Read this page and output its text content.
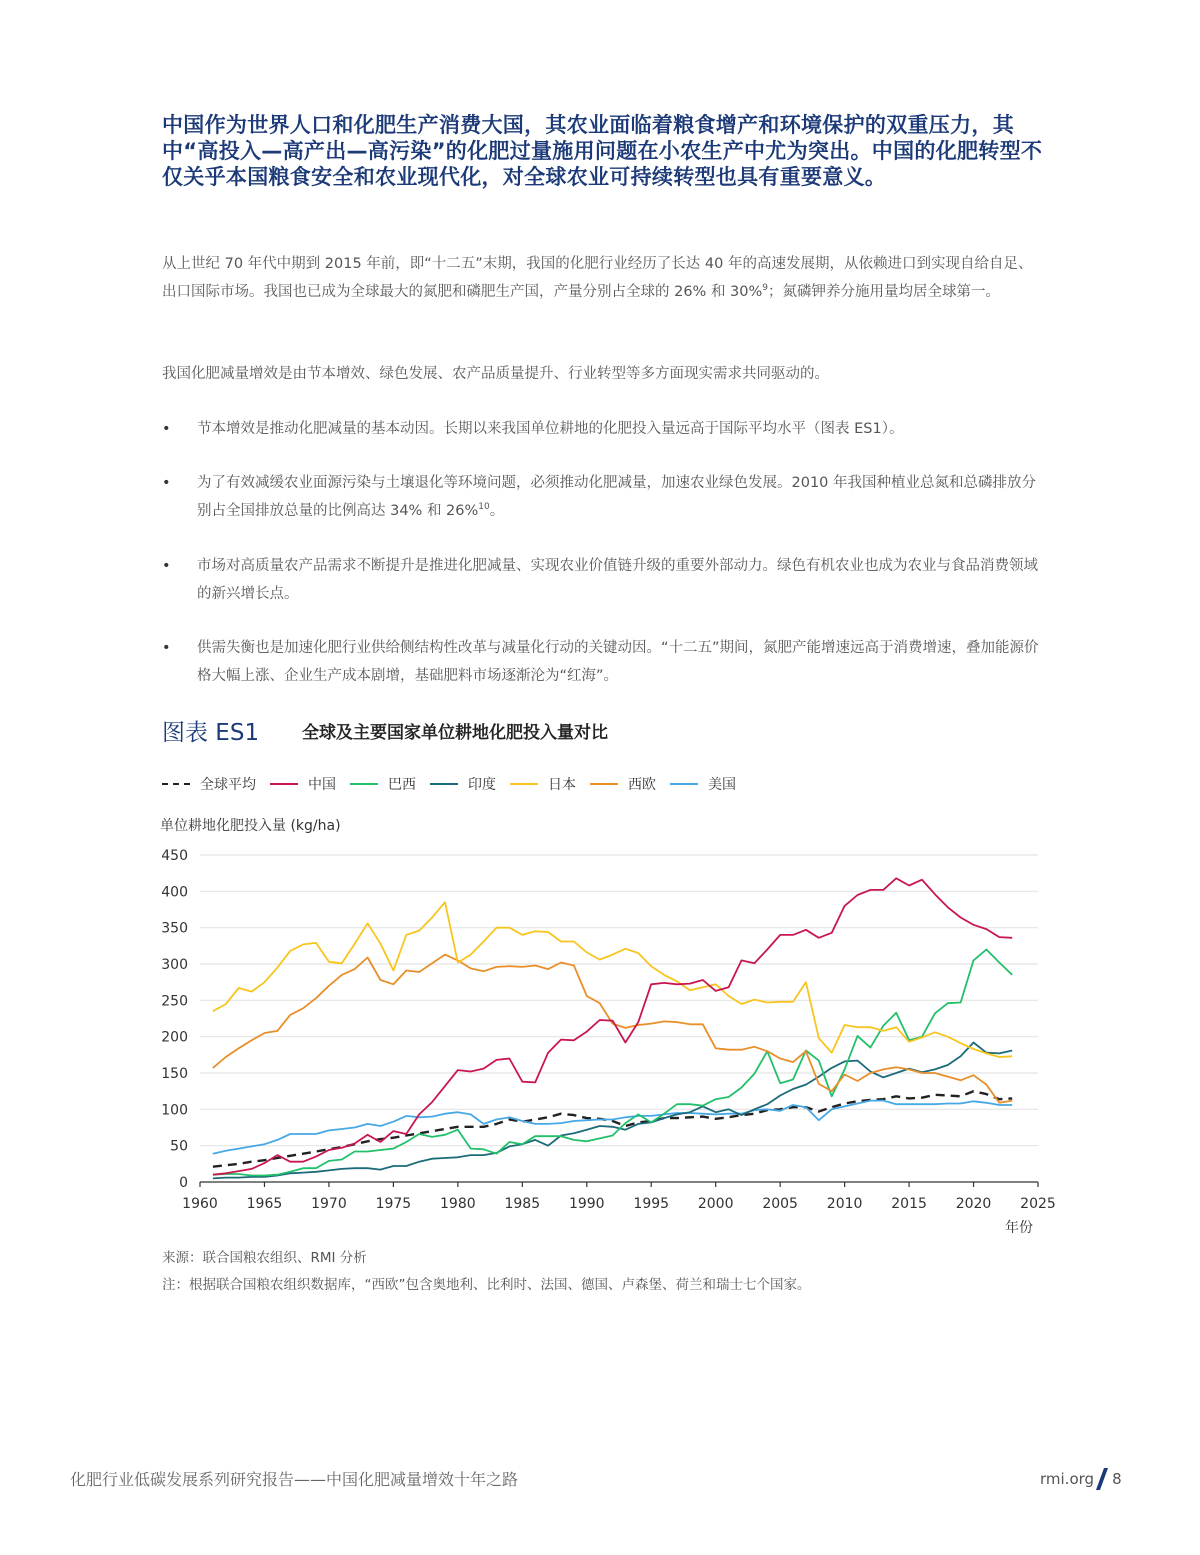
中国作为世界人口和化肥生产消费大国，其农业面临着粮食增产和环境保护的双重压力，其中“高投入—高产出—高污染”的化肥过量施用问题在小农生产中尤为突出。中国的化肥转型不仅关乎本国粮食安全和农业现代化，对全球农业可持续转型也具有重要意义。
从上世纪 70 年代中期到 2015 年前，即“十二五”末期，我国的化肥行业经历了长达 40 年的高速发展期，从依赖进口到实现自给自足、出口国际市场。我国也已成为全球最大的氮肥和磷肥生产国，产量分别占全球的 26% 和 30%$^9$；氮磷钾养分施用量均居全球第一。
我国化肥减量增效是由节本增效、绿色发展、农产品质量提升、行业转型等多方面现实需求共同驱动的。
• 节本增效是推动化肥减量的基本动因。长期以来我国单位耕地的化肥投入量远高于国际平均水平（图表 ES1）。
• 为了有效减缓农业面源污染与土壤退化等环境问题，必须推动化肥减量，加速农业绿色发展。2010 年我国种植业总氮和总磷排放分别占全国排放总量的比例高达 34% 和 26%$^{10}$。
• 市场对高质量农产品需求不断提升是推进化肥减量、实现农业价值链升级的重要外部动力。绿色有机农业也成为农业与食品消费领域的新兴增长点。
• 供需失衡也是加速化肥行业供给侧结构性改革与减量化行动的关键动因。“十二五”期间，氮肥产能增速远高于消费增速，叠加能源价格大幅上涨、企业生产成本剧增，基础肥料市场逐渐沦为“红海”。
图表 ES1	全球及主要国家单位耕地化肥投入量对比
全球平均	中国	巴西	印度	日本	西欧	美国
单位耕地化肥投入量 (kg/ha)
0
50
100
150
200
250
300
350
400
450
1960 1965 1970 1975 1980 1985 1990 1995 2000 2005 2010 2015 2020 2025
年份
来源：联合国粮农组织、RMI 分析
注：根据联合国粮农组织数据库，“西欧”包含奥地利、比利时、法国、德国、卢森堡、荷兰和瑞士七个国家。
化肥行业低碳发展系列研究报告——中国化肥减量增效十年之路	rmi.org 8
